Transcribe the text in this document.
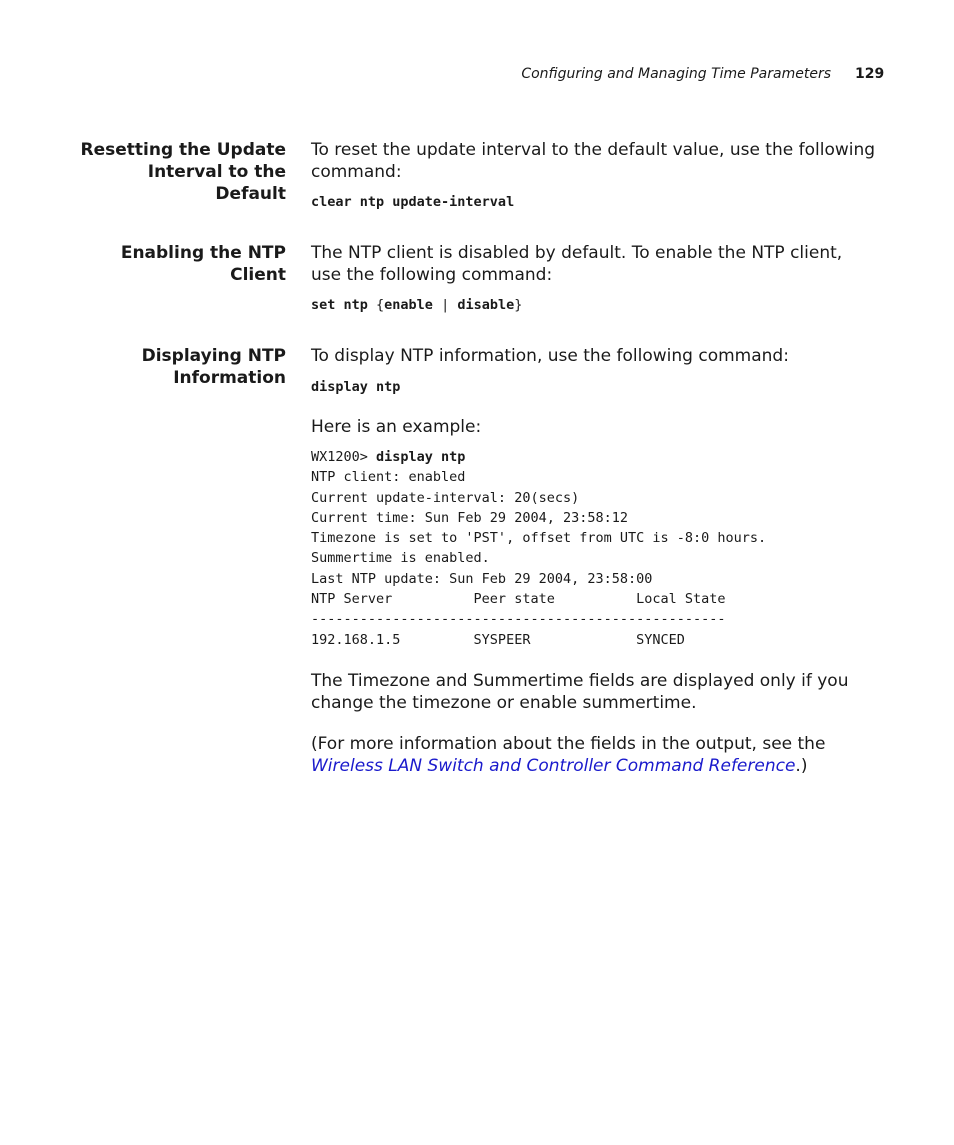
Configuring and Managing Time Parameters 129
Resetting the Update
Interval to the
Default
To reset the update interval to the default value, use the following command:
clear ntp update-interval
Enabling the NTP
Client
The NTP client is disabled by default. To enable the NTP client, use the following command:
set ntp {enable | disable}
Displaying NTP
Information
To display NTP information, use the following command:
display ntp
Here is an example:
WX1200> display ntp
NTP client: enabled
Current update-interval: 20(secs)
Current time: Sun Feb 29 2004, 23:58:12
Timezone is set to 'PST', offset from UTC is -8:0 hours.
Summertime is enabled.
Last NTP update: Sun Feb 29 2004, 23:58:00
NTP Server          Peer state          Local State
---------------------------------------------------
192.168.1.5         SYSPEER             SYNCED
The Timezone and Summertime fields are displayed only if you change the timezone or enable summertime.
(For more information about the fields in the output, see the Wireless LAN Switch and Controller Command Reference.)
